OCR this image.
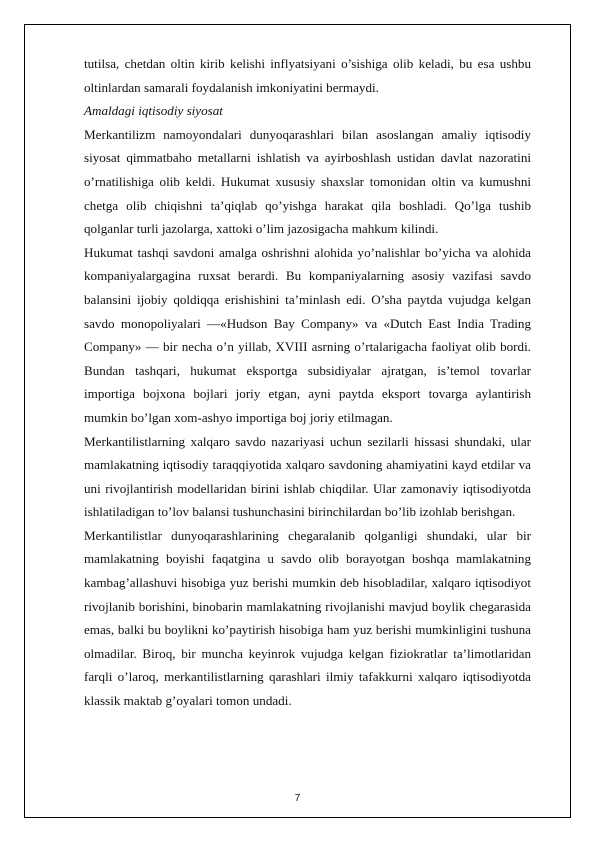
tutilsa, chetdan oltin kirib kelishi inflyatsiyani o’sishiga olib keladi, bu esa ushbu oltinlardan samarali foydalanish imkoniyatini bermaydi.

Amaldagi iqtisodiy siyosat

Merkantilizm namoyondalari dunyoqarashlari bilan asoslangan amaliy iqtisodiy siyosat qimmatbaho metallarni ishlatish va ayirboshlash ustidan davlat nazoratini o’rnatilishiga olib keldi. Hukumat xususiy shaxslar tomonidan oltin va kumushni chetga olib chiqishni ta’qiqlab qo’yishga harakat qila boshladi. Qo’lga tushib qolganlar turli jazolarga, xattoki o’lim jazosigacha mahkum kilindi.

Hukumat tashqi savdoni amalga oshrishni alohida yo’nalishlar bo’yicha va alohida kompaniyalargagina ruxsat berardi. Bu kompaniyalarning asosiy vazifasi savdo balansini ijobiy qoldiqqa erishishini ta’minlash edi. O’sha paytda vujudga kelgan savdo monopoliyalari —«Hudson Bay Company» va «Dutch East India Trading Company» — bir necha o’n yillab, XVIII asrning o’rtalarigacha faoliyat olib bordi. Bundan tashqari, hukumat eksportga subsidiyalar ajratgan, is’temol tovarlar importiga bojxona bojlari joriy etgan, ayni paytda eksport tovarga aylantirish mumkin bo’lgan xom-ashyo importiga boj joriy etilmagan.

Merkantilistlarning xalqaro savdo nazariyasi uchun sezilarli hissasi shundaki, ular mamlakatning iqtisodiy taraqqiyotida xalqaro savdoning ahamiyatini kayd etdilar va uni rivojlantirish modellaridan birini ishlab chiqdilar. Ular zamonaviy iqtisodiyotda ishlatiladigan to’lov balansi tushunchasini birinchilardan bo’lib izohlab berishgan.

Merkantilistlar dunyoqarashlarining chegaralanib qolganligi shundaki, ular bir mamlakatning boyishi faqatgina u savdo olib borayotgan boshqa mamlakatning kambag’allashuvi hisobiga yuz berishi mumkin deb hisobladilar, xalqaro iqtisodiyot rivojlanib borishini, binobarin mamlakatning rivojlanishi mavjud boylik chegarasida emas, balki bu boylikni ko’paytirish hisobiga ham yuz berishi mumkinligini tushuna olmadilar. Biroq, bir muncha keyinrok vujudga kelgan fiziokratlar ta’limotlaridan farqli o’laroq, merkantilistlarning qarashlari ilmiy tafakkurni xalqaro iqtisodiyotda klassik maktab g’oyalari tomon undadi.

7
